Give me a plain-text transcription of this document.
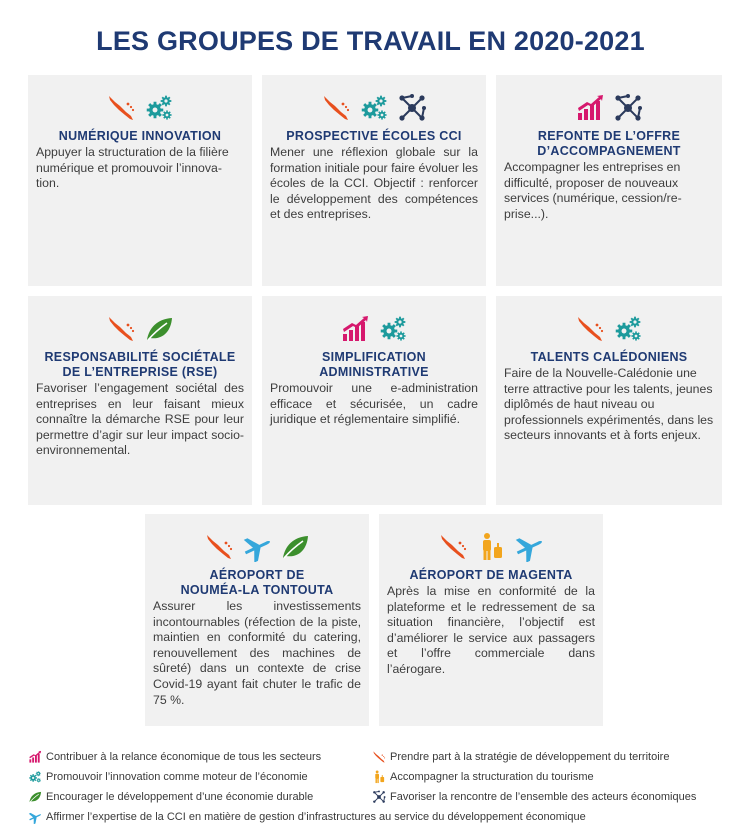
LES GROUPES DE TRAVAIL EN 2020-2021
NUMÉRIQUE INNOVATION

Appuyer la structuration de la filière numérique et promouvoir l’innova-tion.

PROSPECTIVE ÉCOLES CCI

Mener une réflexion globale sur la formation initiale pour faire évoluer les écoles de la CCI. Objectif : renforcer le développement des compétences et des entreprises.

REFONTE DE L’OFFRE D’ACCOMPAGNEMENT

Accompagner les entreprises en difficulté, proposer de nouveaux services (numérique, cession/re-prise...).

RESPONSABILITÉ SOCIÉTALE DE L’ENTREPRISE (RSE)

Favoriser l’engagement sociétal des entreprises en leur faisant mieux connaître la démarche RSE pour leur permettre d’agir sur leur impact socio-environnemental.

SIMPLIFICATION ADMINISTRATIVE

Promouvoir une e-administration efficace et sécurisée, un cadre juridique et réglementaire simplifié.

TALENTS CALÉDONIENS

Faire de la Nouvelle-Calédonie une terre attractive pour les talents, jeunes diplômés de haut niveau ou professionnels expérimentés, dans les secteurs innovants et à forts enjeux.

AÉROPORT DE NOUMÉA-LA TONTOUTA

Assurer les investissements incontournables (réfection de la piste, maintien en conformité du catering, renouvellement des machines de sûreté) dans un contexte de crise Covid-19 ayant fait chuter le trafic de 75 %.

AÉROPORT DE MAGENTA

Après la mise en conformité de la plateforme et le redressement de sa situation financière, l’objectif est d’améliorer le service aux passagers et l’offre commerciale dans l’aérogare.

Contribuer à la relance économique de tous les secteurs	Prendre part à la stratégie de développement du territoire
Promouvoir l’innovation comme moteur de l’économie	Accompagner la structuration du tourisme
Encourager le développement d’une économie durable	Favoriser la rencontre de l’ensemble des acteurs économiques
Affirmer l’expertise de la CCI en matière de gestion d’infrastructures au service du développement économique
